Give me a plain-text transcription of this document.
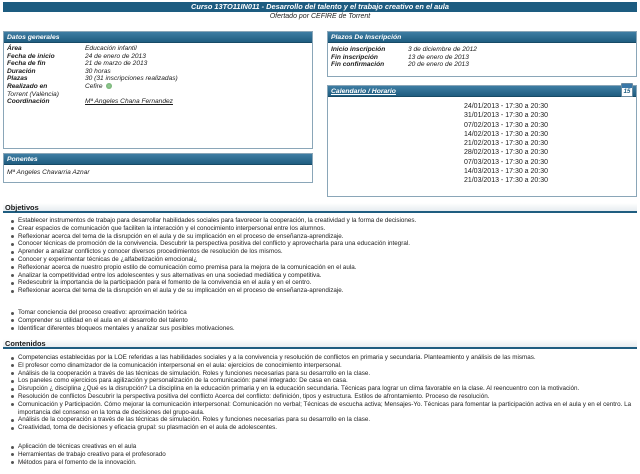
Curso 13TO11IN011 - Desarrollo del talento y el trabajo creativo en el aula
Ofertado por CEFIRE de Torrent
Datos generales
Área	Educación infantil
Fecha de inicio	24 de enero de 2013
Fecha de fin	21 de marzo de 2013
Duración	30 horas
Plazas	30 (31 inscripciones realizadas)
Realizado en	Cefire
Torrent (València)
Coordinación	Mª Angeles Chana Fernandez
Plazos De Inscripción
Inicio inscripción	3 de diciembre de 2012
Fin inscripción	13 de enero de 2013
Fin confirmación	20 de enero de 2013
Calendario / Horario	15
24/01/2013 - 17:30 a 20:30
31/01/2013 - 17:30 a 20:30
07/02/2013 - 17:30 a 20:30
14/02/2013 - 17:30 a 20:30
21/02/2013 - 17:30 a 20:30
28/02/2013 - 17:30 a 20:30
07/03/2013 - 17:30 a 20:30
14/03/2013 - 17:30 a 20:30
21/03/2013 - 17:30 a 20:30
Ponentes
Mª Angeles Chavarria Aznar
Objetivos
Establecer instrumentos de trabajo para desarrollar habilidades sociales para favorecer la cooperación, la creatividad y la forma de decisiones.
Crear espacios de comunicación que faciliten la interacción y el conocimiento interpersonal entre los alumnos.
Reflexionar acerca del tema de la disrupción en el aula y de su implicación en el proceso de enseñanza-aprendizaje.
Conocer técnicas de promoción de la convivencia. Descubrir la perspectiva positiva del conflicto y aprovecharla para una educación integral.
Aprender a analizar conflictos y conocer diversos procedimientos de resolución de los mismos.
Conocer y experimentar técnicas de ¿alfabetización emocional¿
Reflexionar acerca de nuestro propio estilo de comunicación como premisa para la mejora de la comunicación en el aula.
Analizar la competitividad entre los adolescentes y sus alternativas en una sociedad mediática y competitiva.
Redescubrir la importancia de la participación para el fomento de la convivencia en el aula y en el centro.
Reflexionar acerca del tema de la disrupción en el aula y de su implicación en el proceso de enseñanza-aprendizaje.
Tomar conciencia del proceso creativo: aproximación teórica
Comprender su utilidad en el aula en el desarrollo del talento
Identificar diferentes bloqueos mentales y analizar sus posibles motivaciones.
Contenidos
Competencias establecidas por la LOE referidas a las habilidades sociales y a la convivencia y resolución de conflictos en primaria y secundaria. Planteamiento y análisis de las mismas.
El profesor como dinamizador de la comunicación interpersonal en el aula: ejercicios de conocimiento interpersonal.
Análisis de la cooperación a través de las técnicas de simulación. Roles y funciones necesarias para su desarrollo en la clase.
Los paneles como ejercicios para agilización y personalización de la comunicación: panel integrado: De casa en casa.
Disrupción ¿ disciplina ¿Qué es la disrupción? La disciplina en la educación primaria y en la educación secundaria. Técnicas para lograr un clima favorable en la clase. Al reencuentro con la motivación.
Resolución de conflictos Descubrir la perspectiva positiva del conflicto Acerca del conflicto: definición, tipos y estructura. Estilos de afrontamiento. Proceso de resolución.
Comunicación y Participación. Cómo mejorar la comunicación interpersonal: Comunicación no verbal; Técnicas de escucha activa; Mensajes-Yo. Técnicas para fomentar la participación activa en el aula y en el centro. La importancia del consenso en la toma de decisiones del grupo-aula.
Análisis de la cooperación a través de las técnicas de simulación. Roles y funciones necesarias para su desarrollo en la clase.
Creatividad, toma de decisiones y eficacia grupal: su plasmación en el aula de adolescentes.
Aplicación de técnicas creativas en el aula
Herramientas de trabajo creativo para el profesorado
Métodos para el fomento de la innovación.
